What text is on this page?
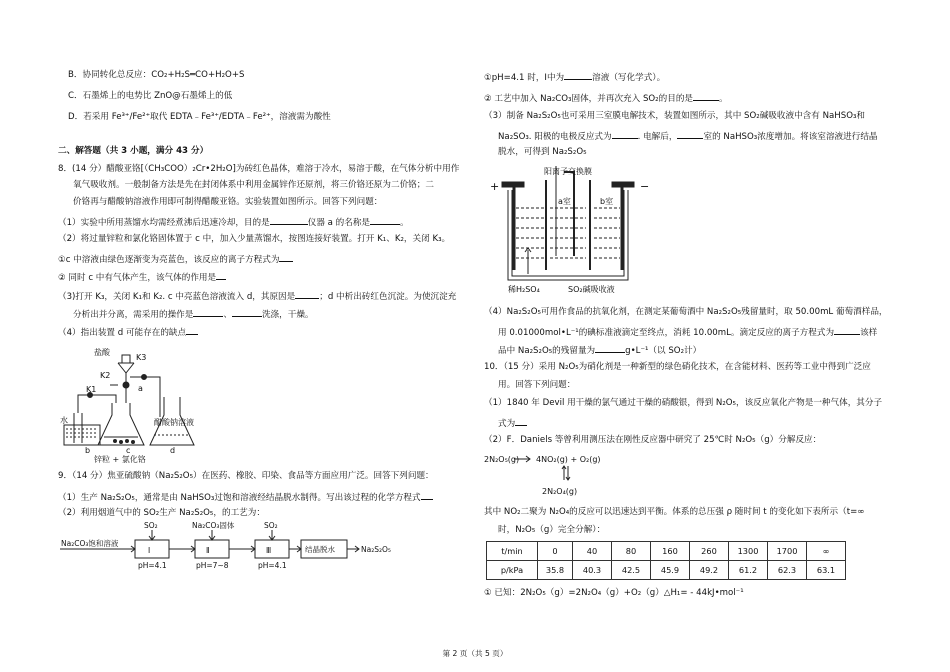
B．协同转化总反应：CO₂+H₂S═CO+H₂O+S
C．石墨烯上的电势比 ZnO@石墨烯上的低
D．若采用 Fe³⁺/Fe²⁺取代 EDTA﹣Fe³⁺/EDTA﹣Fe²⁺，溶液需为酸性
二、解答题（共 3 小题，满分 43 分）
8．(14 分）醋酸亚铬[（CH₃COO）₂Cr•2H₂O]为砖红色晶体，难溶于冷水，易溶于酸，在气体分析中用作
氧气吸收剂。一般制备方法是先在封闭体系中利用金属锌作还原剂，将三价铬还原为二价铬；二
价铬再与醋酸钠溶液作用即可制得醋酸亚铬。实验装置如图所示。回答下列问题：
（1）实验中所用蒸馏水均需经煮沸后迅速冷却，目的是	仪器 a 的名称是	。
（2）将过量锌粒和氯化铬固体置于 c 中，加入少量蒸馏水，按图连接好装置。打开 K₁、K₂，关闭 K₃。
①c 中溶液由绿色逐渐变为亮蓝色，该反应的离子方程式为
② 同时 c 中有气体产生，该气体的作用是
（3)打开 K₃，关闭 K₁和 K₂. c 中亮蓝色溶液流入 d，其原因是	；d 中析出砖红色沉淀。为使沉淀充
分析出并分离，需采用的操作是	、	洗涤，干燥。
（4）指出装置 d 可能存在的缺点
盐酸
K3
K2
K1	a
水
b	c	d
醋酸钠溶液
锌粒 + 氯化铬
9．（14 分）焦亚硫酸钠（Na₂S₂O₅）在医药、橡胶、印染、食品等方面应用广泛。回答下列问题：
（1）生产 Na₂S₂O₅，通常是由 NaHSO₃过饱和溶液经结晶脱水制得。写出该过程的化学方程式
（2）利用烟道气中的 SO₂生产 Na₂S₂O₅，的工艺为：
Na₂CO₃饱和溶液
SO₂
Ⅰ
pH=4.1
Na₂CO₃固体
Ⅱ
pH=7~8
SO₂
Ⅲ
pH=4.1
结晶脱水	Na₂S₂O₅
①pH=4.1 时，Ⅰ中为	溶液（写化学式）。
② 工艺中加入 Na₂CO₃固体，并再次充入 SO₂的目的是	。
（3）制备 Na₂S₂O₅也可采用三室膜电解技术，装置如图所示，其中 SO₂碱吸收液中含有 NaHSO₃和
Na₂SO₃. 阳极的电极反应式为	. 电解后，	室的 NaHSO₃浓度增加。将该室溶液进行结晶
脱水，可得到 Na₂S₂O₅
阳离子交换膜
a室	b室
+	−
稀H₂SO₄	SO₂碱吸收液
（4）Na₂S₂O₅可用作食品的抗氧化剂，在测定某葡萄酒中 Na₂S₂O₅残留量时，取 50.00mL 葡萄酒样品，
用 0.01000mol•L⁻¹的碘标准液滴定至终点，消耗 10.00mL。滴定反应的离子方程式为	该样
品中 Na₂S₂O₅的残留量为	g•L⁻¹（以 SO₂计）
10．（15 分）采用 N₂O₅为硝化剂是一种新型的绿色硝化技术，在含能材料、医药等工业中得到广泛应
用。回答下列问题：
（1）1840 年 Devil 用干燥的氯气通过干燥的硝酸银，得到 N₂O₅，该反应氧化产物是一种气体，其分子
式为
（2）F．Daniels 等曾利用测压法在刚性反应器中研究了 25℃时 N₂O₅（g）分解反应：
2N₂O₅(g) 4NO₂(g) + O₂(g)
2N₂O₄(g)
其中 NO₂二聚为 N₂O₄的反应可以迅速达到平衡。体系的总压强 ρ 随时间 t 的变化如下表所示（t=∞
时，N₂O₅（g）完全分解）：
t/min	0	40	80	160	260	1300	1700	∞
p/kPa	35.8	40.3	42.5	45.9	49.2	61.2	62.3	63.1
① 已知：2N₂O₅（g）=2N₂O₄（g）+O₂（g）△H₁= - 44kJ•mol⁻¹
第 2 页（共 5 页）
